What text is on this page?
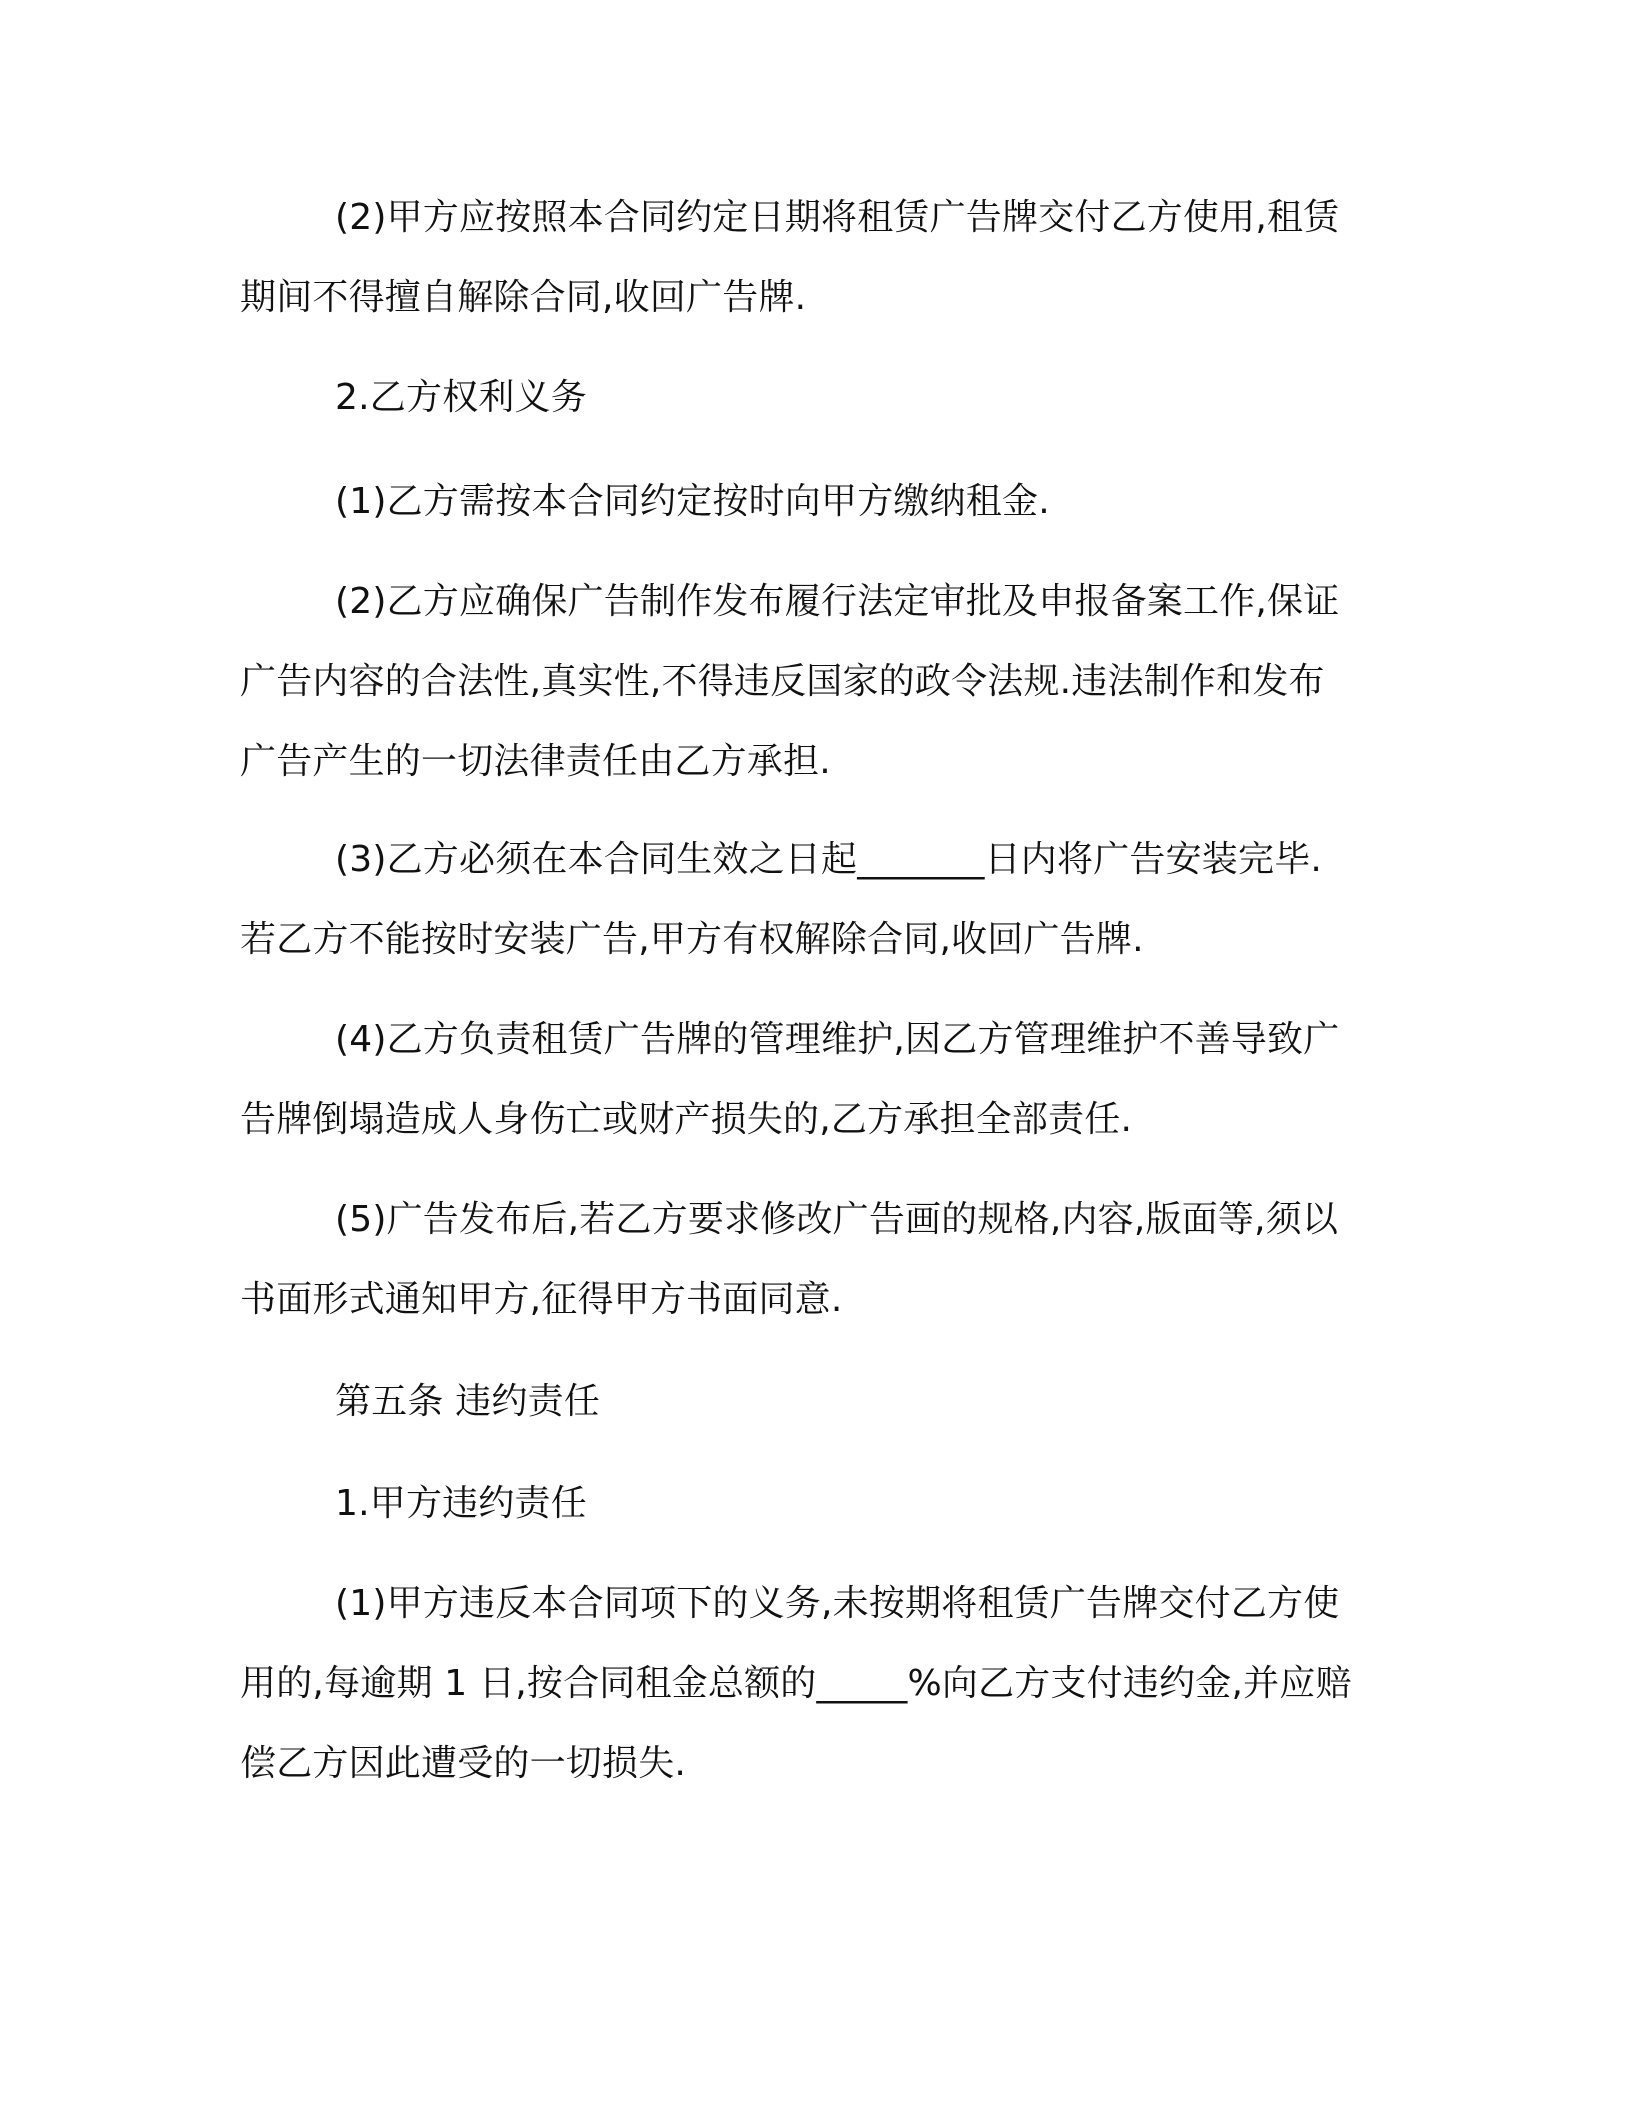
(2)甲方应按照本合同约定日期将租赁广告牌交付乙方使用,租赁
期间不得擅自解除合同,收回广告牌.

2.乙方权利义务

(1)乙方需按本合同约定按时向甲方缴纳租金.

(2)乙方应确保广告制作发布履行法定审批及申报备案工作,保证
广告内容的合法性,真实性,不得违反国家的政令法规.违法制作和发布
广告产生的一切法律责任由乙方承担.

(3)乙方必须在本合同生效之日起_______日内将广告安装完毕.
若乙方不能按时安装广告,甲方有权解除合同,收回广告牌.

(4)乙方负责租赁广告牌的管理维护,因乙方管理维护不善导致广
告牌倒塌造成人身伤亡或财产损失的,乙方承担全部责任.

(5)广告发布后,若乙方要求修改广告画的规格,内容,版面等,须以
书面形式通知甲方,征得甲方书面同意.

第五条 违约责任

1.甲方违约责任

(1)甲方违反本合同项下的义务,未按期将租赁广告牌交付乙方使
用的,每逾期 1 日,按合同租金总额的_____%向乙方支付违约金,并应赔
偿乙方因此遭受的一切损失.
